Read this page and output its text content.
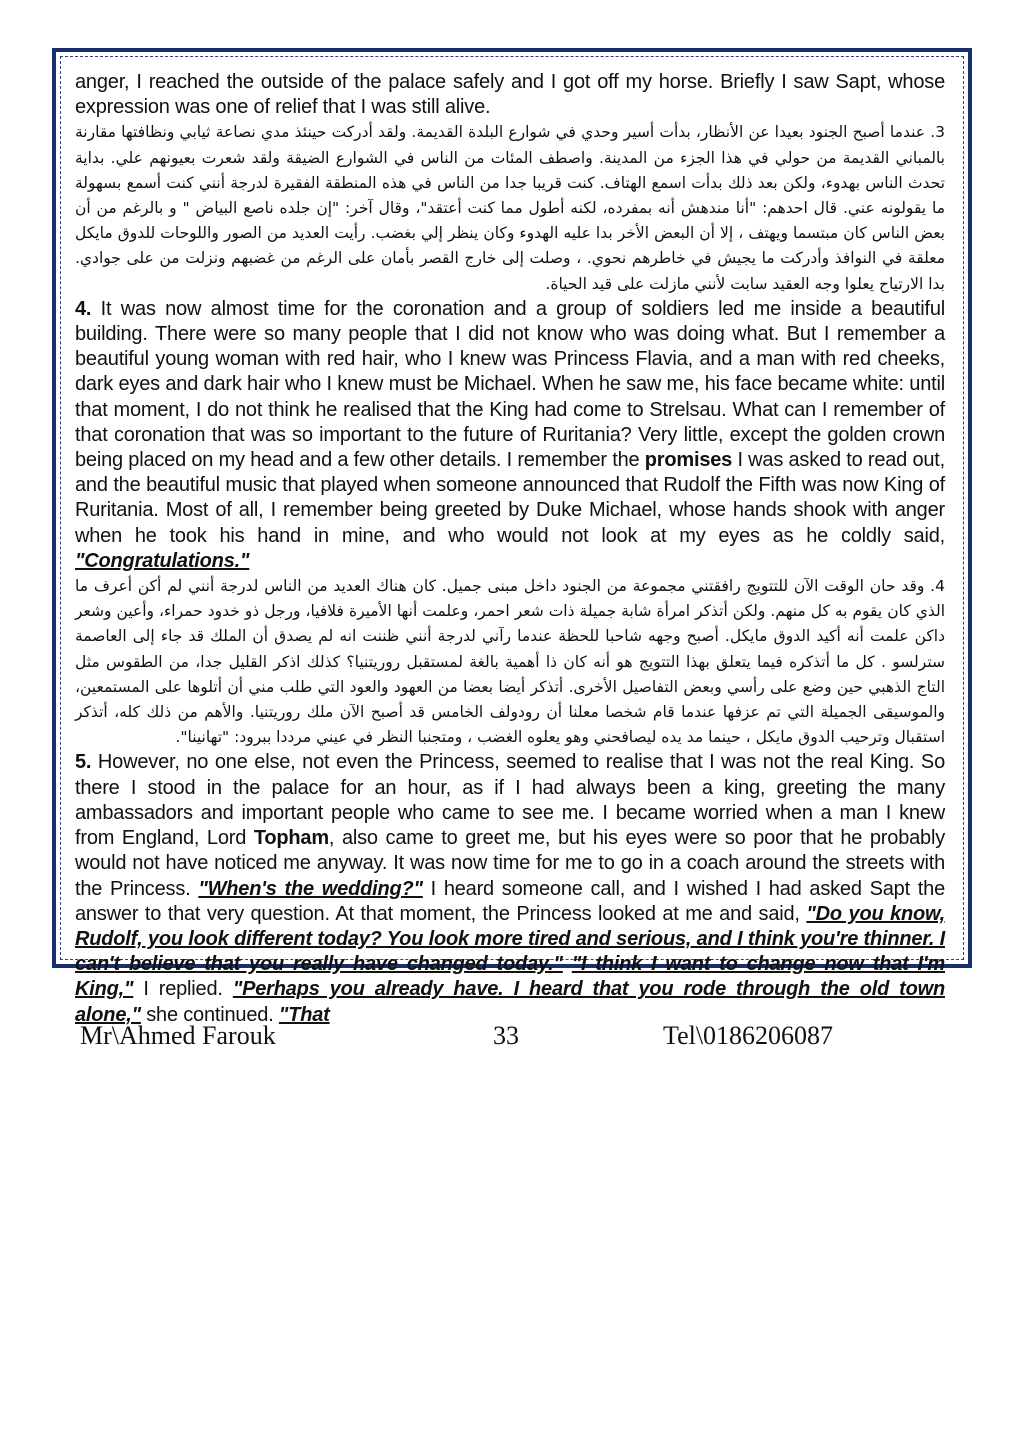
anger, I reached the outside of the palace safely and I got off my horse. Briefly I saw Sapt, whose expression was one of relief that I was still alive.

3. عندما أصبح الجنود بعيدا عن الأنظار، بدأت أسير وحدي في شوارع البلدة القديمة. ولقد أدركت حينئذ مدي نصاعة ثيابي ونظافتها مقارنة بالمباني القديمة من حولي في هذا الجزء من المدينة. واصطف المئات من الناس في الشوارع الضيقة ولقد شعرت بعيونهم علي. بداية تحدث الناس بهدوء، ولكن بعد ذلك بدأت اسمع الهتاف. كنت قريبا جدا من الناس في هذه المنطقة الفقيرة لدرجة أنني كنت أسمع بسهولة ما يقولونه عني. قال احدهم: "أنا مندهش أنه بمفرده، لكنه أطول مما كنت أعتقد"، وقال آخر: "إن جلده ناصع البياض " و بالرغم من أن بعض الناس كان مبتسما ويهتف ، إلا أن البعض الأخر بدا عليه الهدوء وكان ينظر إلي بغضب. رأيت العديد من الصور واللوحات للدوق مايكل معلقة في النوافذ وأدركت ما يجيش في خاطرهم نحوي. ، وصلت إلى خارج القصر بأمان على الرغم من غضبهم ونزلت من على جوادي. بدا الارتياح يعلوا وجه العقيد سابت لأنني مازلت على قيد الحياة.

4. It was now almost time for the coronation and a group of soldiers led me inside a beautiful building. There were so many people that I did not know who was doing what. But I remember a beautiful young woman with red hair, who I knew was Princess Flavia, and a man with red cheeks, dark eyes and dark hair who I knew must be Michael. When he saw me, his face became white: until that moment, I do not think he realised that the King had come to Strelsau. What can I remember of that coronation that was so important to the future of Ruritania? Very little, except the golden crown being placed on my head and a few other details. I remember the promises I was asked to read out, and the beautiful music that played when someone announced that Rudolf the Fifth was now King of Ruritania. Most of all, I remember being greeted by Duke Michael, whose hands shook with anger when he took his hand in mine, and who would not look at my eyes as he coldly said, "Congratulations."

4. وقد حان الوقت الآن للتتويج رافقتني مجموعة من الجنود داخل مبنى جميل. كان هناك العديد من الناس لدرجة أنني لم أكن أعرف ما الذي كان يقوم به كل منهم. ولكن أتذكر امرأة شابة جميلة ذات شعر احمر، وعلمت أنها الأميرة فلافيا، ورجل ذو خدود حمراء، وأعين وشعر داكن علمت أنه أكيد الدوق مايكل. أصبح وجهه شاحبا للحظة عندما رآني لدرجة أنني ظننت انه لم يصدق أن الملك قد جاء إلى العاصمة سترلسو . كل ما أتذكره فيما يتعلق بهذا التتويج هو أنه كان ذا أهمية بالغة لمستقبل روريتنيا؟ كذلك اذكر القليل جدا، من الطقوس مثل التاج الذهبي حين وضع على رأسي وبعض التفاصيل الأخرى. أتذكر أيضا بعضا من العهود والعود التي طلب مني أن أتلوها على المستمعين، والموسيقى الجميلة التي تم عزفها عندما قام شخصا معلنا أن رودولف الخامس قد أصبح الآن ملك روريتنيا. والأهم من ذلك كله، أتذكر استقبال وترحيب الدوق مايكل ، حينما مد يده ليصافحني وهو يعلوه الغضب ، ومتجنبا النظر في عيني مرددا ببرود: "تهانينا".

5. However, no one else, not even the Princess, seemed to realise that I was not the real King. So there I stood in the palace for an hour, as if I had always been a king, greeting the many ambassadors and important people who came to see me. I became worried when a man I knew from England, Lord Topham, also came to greet me, but his eyes were so poor that he probably would not have noticed me anyway. It was now time for me to go in a coach around the streets with the Princess. "When's the wedding?" I heard someone call, and I wished I had asked Sapt the answer to that very question. At that moment, the Princess looked at me and said, "Do you know, Rudolf, you look different today? You look more tired and serious, and I think you're thinner. I can't believe that you really have changed today." "I think I want to change now that I'm King," I replied. "Perhaps you already have. I heard that you rode through the old town alone," she continued. "That

Mr\Ahmed Farouk	33	Tel\0186206087
